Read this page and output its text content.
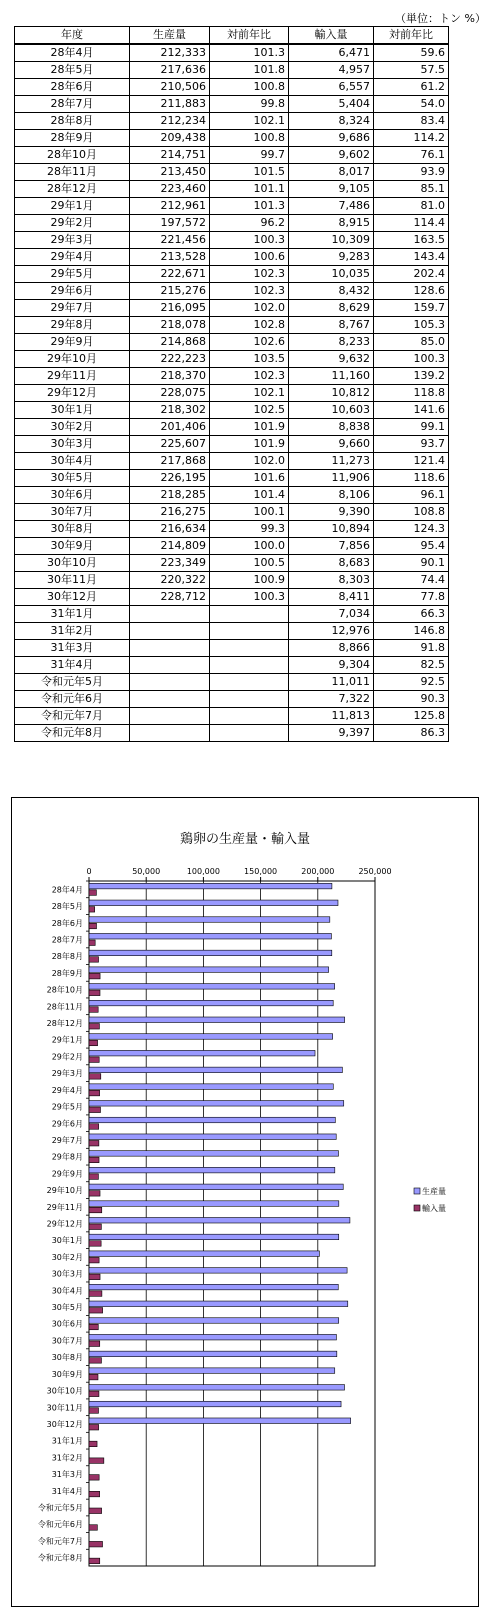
（単位：トン %）
年度	生産量	対前年比	輸入量	対前年比
28年4月	212,333	101.3	6,471	59.6
28年5月	217,636	101.8	4,957	57.5
28年6月	210,506	100.8	6,557	61.2
28年7月	211,883	99.8	5,404	54.0
28年8月	212,234	102.1	8,324	83.4
28年9月	209,438	100.8	9,686	114.2
28年10月	214,751	99.7	9,602	76.1
28年11月	213,450	101.5	8,017	93.9
28年12月	223,460	101.1	9,105	85.1
29年1月	212,961	101.3	7,486	81.0
29年2月	197,572	96.2	8,915	114.4
29年3月	221,456	100.3	10,309	163.5
29年4月	213,528	100.6	9,283	143.4
29年5月	222,671	102.3	10,035	202.4
29年6月	215,276	102.3	8,432	128.6
29年7月	216,095	102.0	8,629	159.7
29年8月	218,078	102.8	8,767	105.3
29年9月	214,868	102.6	8,233	85.0
29年10月	222,223	103.5	9,632	100.3
29年11月	218,370	102.3	11,160	139.2
29年12月	228,075	102.1	10,812	118.8
30年1月	218,302	102.5	10,603	141.6
30年2月	201,406	101.9	8,838	99.1
30年3月	225,607	101.9	9,660	93.7
30年4月	217,868	102.0	11,273	121.4
30年5月	226,195	101.6	11,906	118.6
30年6月	218,285	101.4	8,106	96.1
30年7月	216,275	100.1	9,390	108.8
30年8月	216,634	99.3	10,894	124.3
30年9月	214,809	100.0	7,856	95.4
30年10月	223,349	100.5	8,683	90.1
30年11月	220,322	100.9	8,303	74.4
30年12月	228,712	100.3	8,411	77.8
31年1月			7,034	66.3
31年2月			12,976	146.8
31年3月			8,866	91.8
31年4月			9,304	82.5
令和元年5月			11,011	92.5
令和元年6月			7,322	90.3
令和元年7月			11,813	125.8
令和元年8月			9,397	86.3
鶏卵の生産量・輸入量
0	50,000	100,000	150,000	200,000	250,000
28年4月
28年5月
28年6月
28年7月
28年8月
28年9月
28年10月
28年11月
28年12月
29年1月
29年2月
29年3月
29年4月
29年5月
29年6月
29年7月
29年8月
29年9月
29年10月
29年11月
29年12月
30年1月
30年2月
30年3月
30年4月
30年5月
30年6月
30年7月
30年8月
30年9月
30年10月
30年11月
30年12月
31年1月
31年2月
31年3月
31年4月
令和元年5月
令和元年6月
令和元年7月
令和元年8月
生産量
輸入量
